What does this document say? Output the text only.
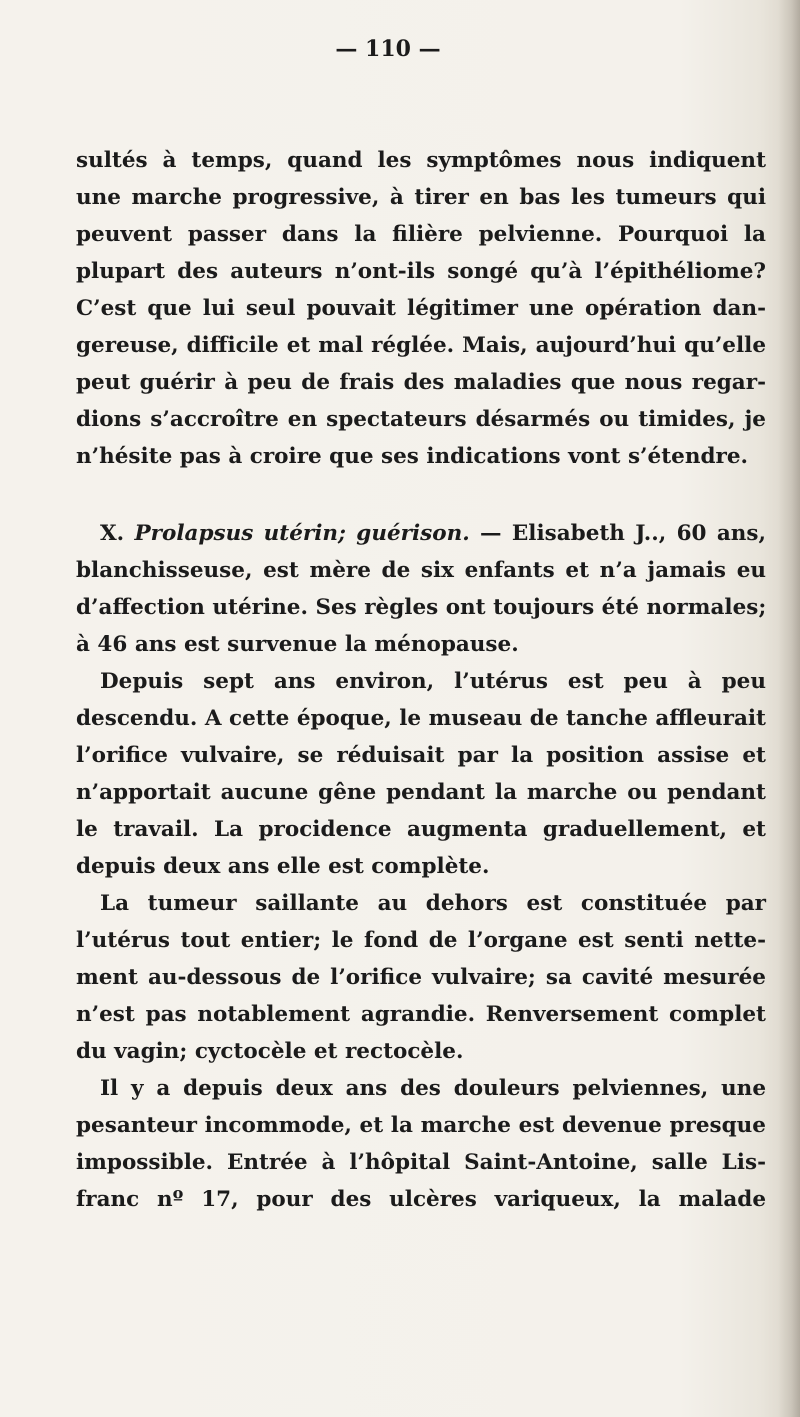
— 110 —

sultés à temps, quand les symptômes nous indiquent
une marche progressive, à tirer en bas les tumeurs qui
peuvent passer dans la filière pelvienne. Pourquoi la
plupart des auteurs n’ont-ils songé qu’à l’épithéliome?
C’est que lui seul pouvait légitimer une opération dan-
gereuse, difficile et mal réglée. Mais, aujourd’hui qu’elle
peut guérir à peu de frais des maladies que nous regar-
dions s’accroître en spectateurs désarmés ou timides, je
n’hésite pas à croire que ses indications vont s’étendre.

X. Prolapsus utérin; guérison. — Elisabeth J.., 60 ans,
blanchisseuse, est mère de six enfants et n’a jamais eu
d’affection utérine. Ses règles ont toujours été normales;
à 46 ans est survenue la ménopause.

Depuis sept ans environ, l’utérus est peu à peu
descendu. A cette époque, le museau de tanche affleurait
l’orifice vulvaire, se réduisait par la position assise et
n’apportait aucune gêne pendant la marche ou pendant
le travail. La procidence augmenta graduellement, et
depuis deux ans elle est complète.

La tumeur saillante au dehors est constituée par
l’utérus tout entier; le fond de l’organe est senti nette-
ment au-dessous de l’orifice vulvaire; sa cavité mesurée
n’est pas notablement agrandie. Renversement complet
du vagin; cyctocèle et rectocèle.

Il y a depuis deux ans des douleurs pelviennes, une
pesanteur incommode, et la marche est devenue presque
impossible. Entrée à l’hôpital Saint-Antoine, salle Lis-
franc nº 17, pour des ulcères variqueux, la malade
